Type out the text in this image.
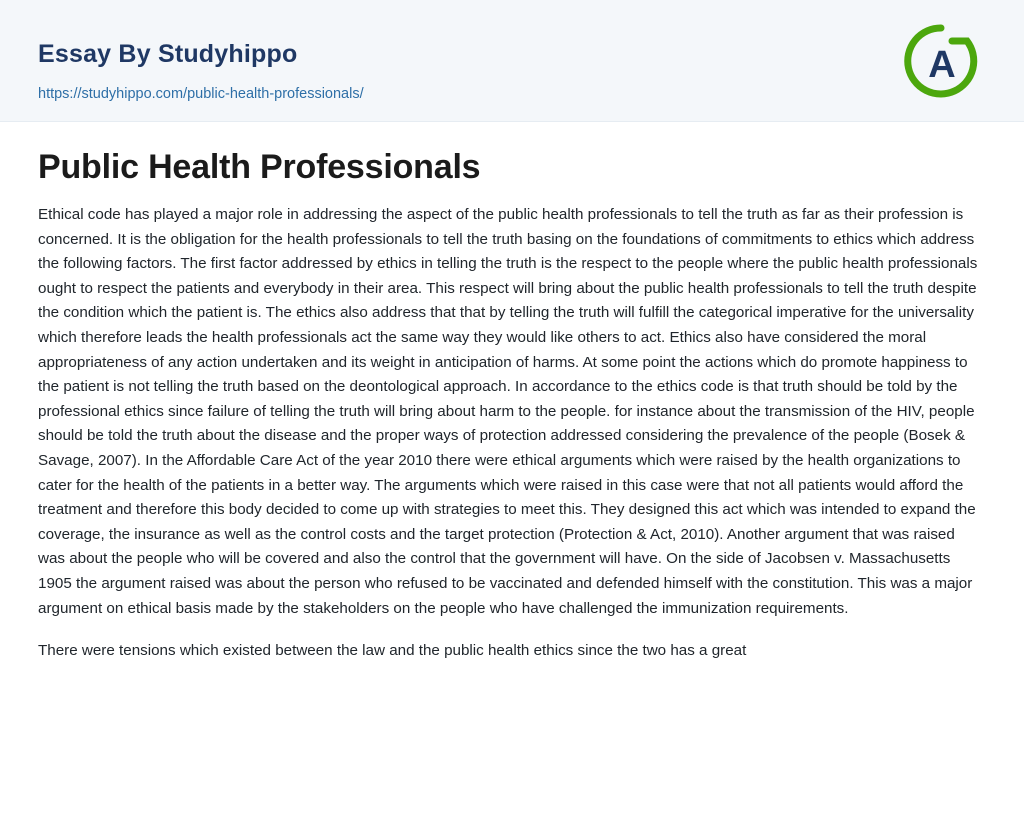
Essay By Studyhippo
https://studyhippo.com/public-health-professionals/
A
Public Health Professionals

Ethical code has played a major role in addressing the aspect of the public health professionals to tell the truth as far as their profession is concerned. It is the obligation for the health professionals to tell the truth basing on the foundations of commitments to ethics which address the following factors. The first factor addressed by ethics in telling the truth is the respect to the people where the public health professionals ought to respect the patients and everybody in their area. This respect will bring about the public health professionals to tell the truth despite the condition which the patient is. The ethics also address that that by telling the truth will fulfill the categorical imperative for the universality which therefore leads the health professionals act the same way they would like others to act. Ethics also have considered the moral appropriateness of any action undertaken and its weight in anticipation of harms. At some point the actions which do promote happiness to the patient is not telling the truth based on the deontological approach. In accordance to the ethics code is that truth should be told by the professional ethics since failure of telling the truth will bring about harm to the people. for instance about the transmission of the HIV, people should be told the truth about the disease and the proper ways of protection addressed considering the prevalence of the people (Bosek & Savage, 2007). In the Affordable Care Act of the year 2010 there were ethical arguments which were raised by the health organizations to cater for the health of the patients in a better way. The arguments which were raised in this case were that not all patients would afford the treatment and therefore this body decided to come up with strategies to meet this. They designed this act which was intended to expand the coverage, the insurance as well as the control costs and the target protection (Protection & Act, 2010). Another argument that was raised was about the people who will be covered and also the control that the government will have. On the side of Jacobsen v. Massachusetts 1905 the argument raised was about the person who refused to be vaccinated and defended himself with the constitution. This was a major argument on ethical basis made by the stakeholders on the people who have challenged the immunization requirements.

There were tensions which existed between the law and the public health ethics since the two has a great
